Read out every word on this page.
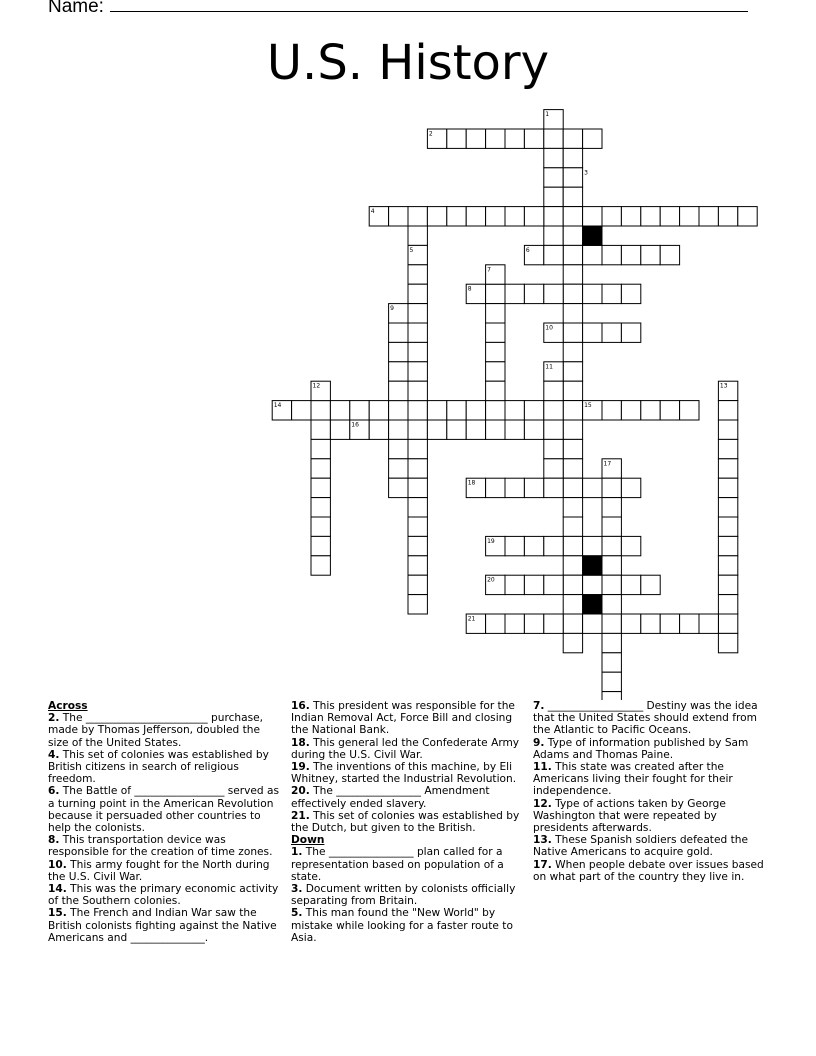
Name:
U.S. History
1
2
3
4
5	6
7
8
9
10
11
12	13
14	15
16
17
18
19
20
21
Across

2. The _______________________ purchase, made by Thomas Jefferson, doubled the size of the United States.

4. This set of colonies was established by British citizens in search of religious freedom.

6. The Battle of _________________ served as a turning point in the American Revolution because it persuaded other countries to help the colonists.

8. This transportation device was responsible for the creation of time zones.

10. This army fought for the North during the U.S. Civil War.

14. This was the primary economic activity of the Southern colonies.

15. The French and Indian War saw the British colonists fighting against the Native Americans and ______________.

16. This president was responsible for the Indian Removal Act, Force Bill and closing the National Bank.

18. This general led the Confederate Army during the U.S. Civil War.

19. The inventions of this machine, by Eli Whitney, started the Industrial Revolution.

20. The ________________ Amendment effectively ended slavery.

21. This set of colonies was established by the Dutch, but given to the British.

Down

1. The ________________ plan called for a representation based on population of a state.

3. Document written by colonists officially separating from Britain.

5. This man found the "New World" by mistake while looking for a faster route to Asia.

7. __________________ Destiny was the idea that the United States should extend from the Atlantic to Pacific Oceans.

9. Type of information published by Sam Adams and Thomas Paine.

11. This state was created after the Americans living their fought for their independence.

12. Type of actions taken by George Washington that were repeated by presidents afterwards.

13. These Spanish soldiers defeated the Native Americans to acquire gold.

17. When people debate over issues based on what part of the country they live in.
